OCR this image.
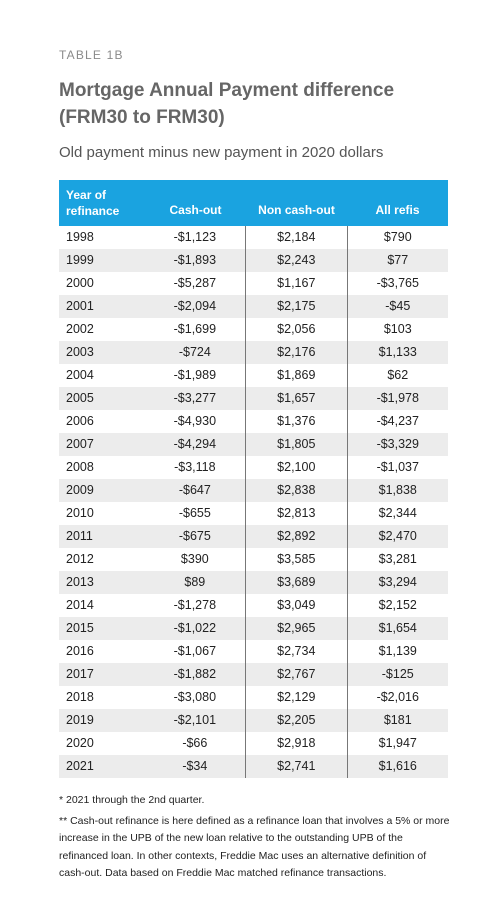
TABLE 1B
Mortgage Annual Payment difference (FRM30 to FRM30)
Old payment minus new payment in 2020 dollars
Year of refinance	Cash-out	Non cash-out	All refis
1998	-$1,123	$2,184	$790
1999	-$1,893	$2,243	$77
2000	-$5,287	$1,167	-$3,765
2001	-$2,094	$2,175	-$45
2002	-$1,699	$2,056	$103
2003	-$724	$2,176	$1,133
2004	-$1,989	$1,869	$62
2005	-$3,277	$1,657	-$1,978
2006	-$4,930	$1,376	-$4,237
2007	-$4,294	$1,805	-$3,329
2008	-$3,118	$2,100	-$1,037
2009	-$647	$2,838	$1,838
2010	-$655	$2,813	$2,344
2011	-$675	$2,892	$2,470
2012	$390	$3,585	$3,281
2013	$89	$3,689	$3,294
2014	-$1,278	$3,049	$2,152
2015	-$1,022	$2,965	$1,654
2016	-$1,067	$2,734	$1,139
2017	-$1,882	$2,767	-$125
2018	-$3,080	$2,129	-$2,016
2019	-$2,101	$2,205	$181
2020	-$66	$2,918	$1,947
2021	-$34	$2,741	$1,616

* 2021 through the 2nd quarter.

** Cash-out refinance is here defined as a refinance loan that involves a 5% or more increase in the UPB of the new loan relative to the outstanding UPB of the refinanced loan. In other contexts, Freddie Mac uses an alternative definition of cash-out. Data based on Freddie Mac matched refinance transactions.
